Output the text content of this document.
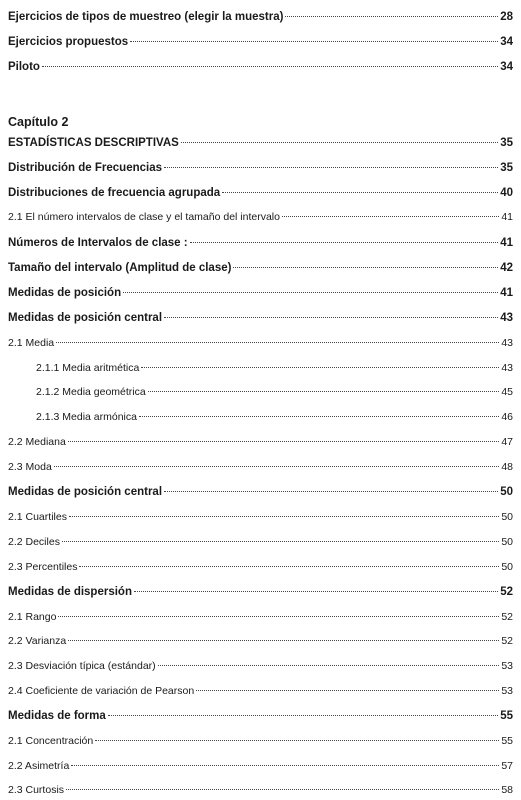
Ejercicios de tipos de muestreo (elegir la muestra)	28
Ejercicios propuestos	34
Piloto	34
Capítulo 2
ESTADÍSTICAS DESCRIPTIVAS	35
Distribución de Frecuencias	35
Distribuciones de frecuencia agrupada	40
2.1 El número intervalos de clase y el tamaño del intervalo	41
Números de Intervalos de clase :	41
Tamaño del intervalo (Amplitud de clase)	42
Medidas de posición	41
Medidas de posición central	43
2.1 Media	43
2.1.1 Media aritmética	43
2.1.2 Media geométrica	45
2.1.3 Media armónica	46
2.2 Mediana	47
2.3 Moda	48
Medidas de posición central	50
2.1 Cuartiles	50
2.2 Deciles	50
2.3 Percentiles	50
Medidas de dispersión	52
2.1 Rango	52
2.2 Varianza	52
2.3 Desviación típica (estándar)	53
2.4 Coeficiente de variación de Pearson	53
Medidas de forma	55
2.1 Concentración	55
2.2 Asimetría	57
2.3 Curtosis	58
